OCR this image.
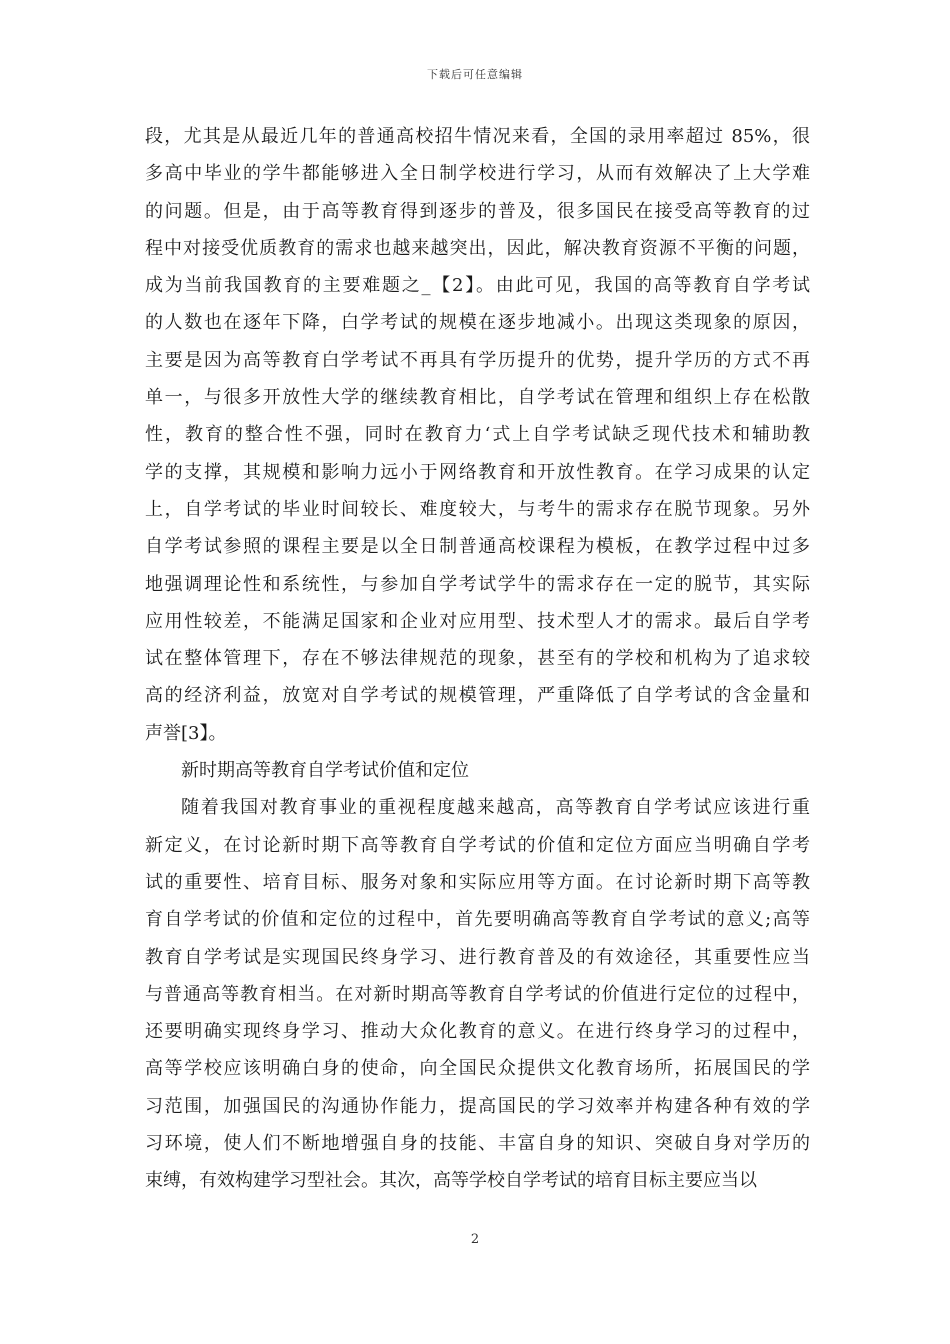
下载后可任意编辑
段，尤其是从最近几年的普通高校招牛情况来看，全国的录用率超过 85%，很
多高中毕业的学牛都能够进入全日制学校进行学习，从而有效解决了上大学难
的问题。但是，由于高等教育得到逐步的普及，很多国民在接受高等教育的过
程中对接受优质教育的需求也越来越突出，因此，解决教育资源不平衡的问题，
成为当前我国教育的主要难题之_【2】。由此可见，我国的高等教育自学考试
的人数也在逐年下降，白学考试的规模在逐步地减小。出现这类现象的原因，
主要是因为高等教育白学考试不再具有学历提升的优势，提升学历的方式不再
单一，与很多开放性大学的继续教育相比，自学考试在管理和组织上存在松散
性，教育的整合性不强，同时在教育力‘式上自学考试缺乏现代技术和辅助教
学的支撑，其规模和影响力远小于网络教育和开放性教育。在学习成果的认定
上，自学考试的毕业时间较长、难度较大，与考牛的需求存在脱节现象。另外
自学考试参照的课程主要是以全日制普通高校课程为模板，在教学过程中过多
地强调理论性和系统性，与参加自学考试学牛的需求存在一定的脱节，其实际
应用性较差，不能满足国家和企业对应用型、技术型人才的需求。最后自学考
试在整体管理下，存在不够法律规范的现象，甚至有的学校和机构为了追求较
高的经济利益，放宽对自学考试的规模管理，严重降低了自学考试的含金量和
声誉[3】。
新时期高等教育自学考试价值和定位
随着我国对教育事业的重视程度越来越高，高等教育自学考试应该进行重
新定义，在讨论新时期下高等教育自学考试的价值和定位方面应当明确自学考
试的重要性、培育目标、服务对象和实际应用等方面。在讨论新时期下高等教
育自学考试的价值和定位的过程中，首先要明确高等教育自学考试的意义;高等
教育自学考试是实现国民终身学习、进行教育普及的有效途径，其重要性应当
与普通高等教育相当。在对新时期高等教育自学考试的价值进行定位的过程中，
还要明确实现终身学习、推动大众化教育的意义。在进行终身学习的过程中，
高等学校应该明确白身的使命，向全国民众提供文化教育场所，拓展国民的学
习范围，加强国民的沟通协作能力，提高国民的学习效率并构建各种有效的学
习环境，使人们不断地增强自身的技能、丰富自身的知识、突破自身对学历的
束缚，有效构建学习型社会。其次，高等学校自学考试的培育目标主要应当以
2
